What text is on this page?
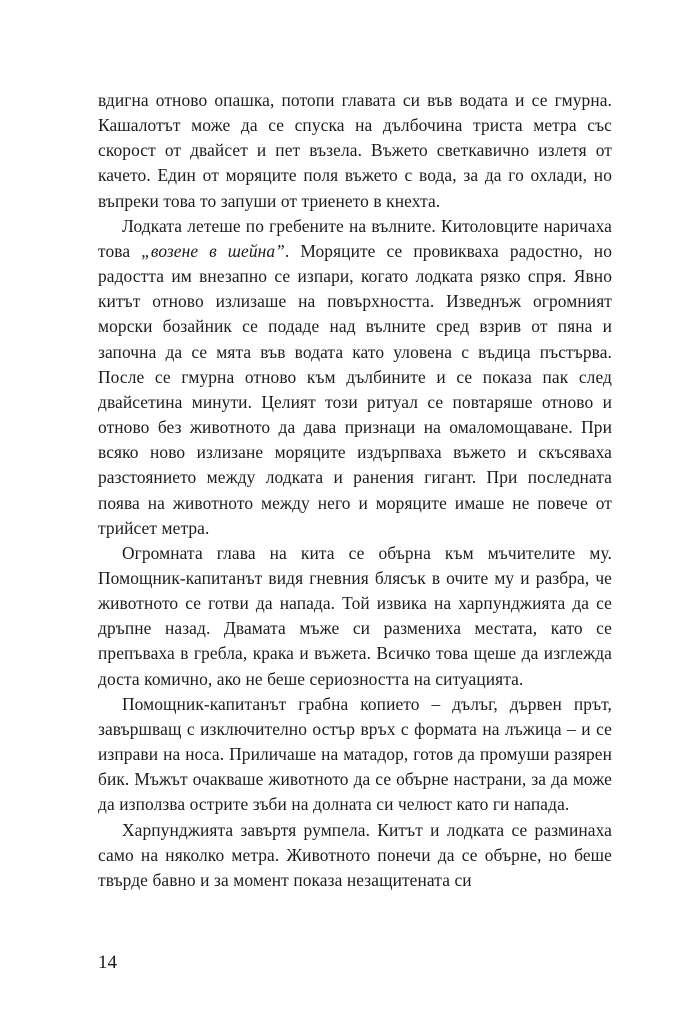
вдигна отново опашка, потопи главата си във водата и се гмурна. Кашалотът може да се спуска на дълбочина триста метра със скорост от двайсет и пет възела. Въжето светкавично излетя от качето. Един от моряците поля въжето с вода, за да го охлади, но въпреки това то запуши от триенето в кнехта.

Лодката летеше по гребените на вълните. Китоловците наричаха това „возене в шейна”. Моряците се провикваха радостно, но радостта им внезапно се изпари, когато лодката рязко спря. Явно китът отново излизаше на повърхността. Изведнъж огромният морски бозайник се подаде над вълните сред взрив от пяна и започна да се мята във водата като уловена с въдица пъстърва. После се гмурна отново към дълбините и се показа пак след двайсетина минути. Целият този ритуал се повтаряше отново и отново без животното да дава признаци на омаломощаване. При всяко ново излизане моряците издърпваха въжето и скъсяваха разстоянието между лодката и ранения гигант. При последната поява на животното между него и моряците имаше не повече от трийсет метра.

Огромната глава на кита се обърна към мъчителите му. Помощник-капитанът видя гневния блясък в очите му и разбра, че животното се готви да напада. Той извика на харпунджията да се дръпне назад. Двамата мъже си размениха местата, като се препъваха в гребла, крака и въжета. Всичко това щеше да изглежда доста комично, ако не беше сериозността на ситуацията.

Помощник-капитанът грабна копието – дълъг, дървен прът, завършващ с изключително остър връх с формата на лъжица – и се изправи на носа. Приличаше на матадор, готов да промуши разярен бик. Мъжът очакваше животното да се обърне настрани, за да може да използва острите зъби на долната си челюст като ги напада.

Харпунджията завъртя румпела. Китът и лодката се разминаха само на няколко метра. Животното понечи да се обърне, но беше твърде бавно и за момент показа незащитената си

14
